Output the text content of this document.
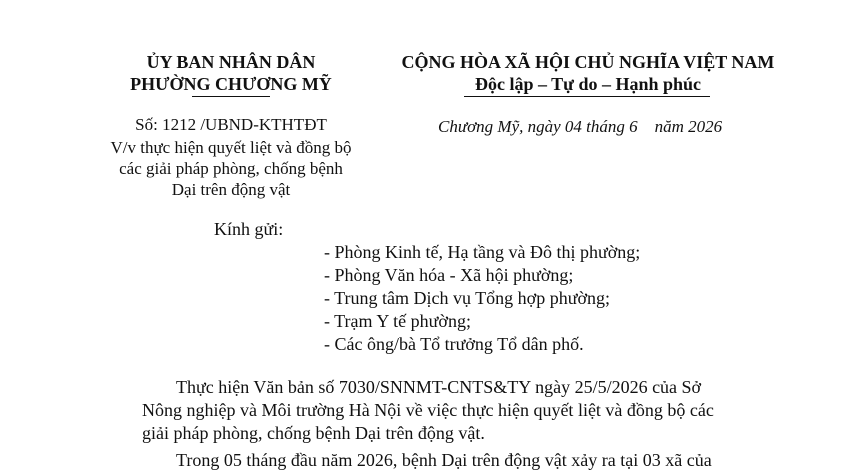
ỦY BAN NHÂN DÂN
PHƯỜNG CHƯƠNG MỸ
CỘNG HÒA XÃ HỘI CHỦ NGHĨA VIỆT NAM
Độc lập – Tự do – Hạnh phúc
Số: 1212 /UBND-KTHTĐT
V/v thực hiện quyết liệt và đồng bộ
các giải pháp phòng, chống bệnh
Dại trên động vật
Chương Mỹ, ngày 04 tháng 6    năm 2026
Kính gửi:
- Phòng Kinh tế, Hạ tầng và Đô thị phường;
- Phòng Văn hóa - Xã hội phường;
- Trung tâm Dịch vụ Tổng hợp phường;
- Trạm Y tế phường;
- Các ông/bà Tổ trưởng Tổ dân phố.
Thực hiện Văn bản số 7030/SNNMT-CNTS&TY ngày 25/5/2026 của Sở
Nông nghiệp và Môi trường Hà Nội về việc thực hiện quyết liệt và đồng bộ các
giải pháp phòng, chống bệnh Dại trên động vật.
Trong 05 tháng đầu năm 2026, bệnh Dại trên động vật xảy ra tại 03 xã của
